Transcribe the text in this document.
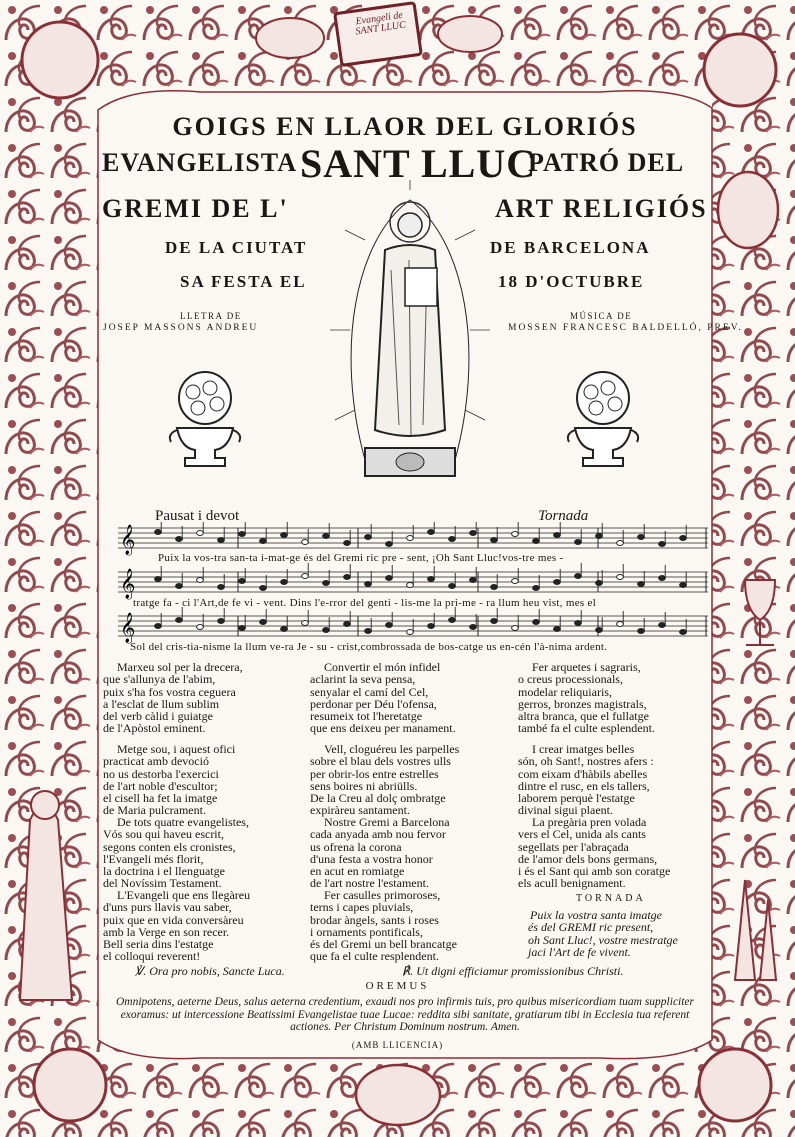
Evangeli de SANT LLUC
GOIGS EN LLAOR DEL GLORIÓS
EVANGELISTA SANT LLUC
PATRÓ DEL
GREMI DE L'	ART RELIGIÓS
DE LA CIUTAT	DE BARCELONA
SA FESTA EL	18 D'OCTUBRE
LLETRA DE
JOSEP MASSONS ANDREU
MÚSICA DE
MOSSEN FRANCESC BALDELLÓ, PREV.
Pausat i devot	Tornada
𝄞
𝄞
𝄞
Puix la vos-tra san-ta i-mat-ge és del Gremi ric pre - sent, ¡Oh Sant Lluc!vos-tre mes -
tratge fa - ci l'Art,de fe vi - vent. Dins l'e-rror del genti - lis-me la pri-me - ra llum heu vist, mes el
Sol del cris-tia-nisme la llum ve-ra Je - su - crist,combrossada de bos-catge us en-cén l'à-nima ardent.
Marxeu sol per la drecera,
que s'allunya de l'abim,
puix s'ha fos vostra ceguera
a l'esclat de llum sublim
del verb càlid i guiatge
de l'Apòstol eminent.
Metge sou, i aquest ofici
practicat amb devoció
no us destorba l'exercici
de l'art noble d'escultor;
el cisell ha fet la imatge
de Maria pulcrament.
De tots quatre evangelistes,
Vós sou qui haveu escrit,
segons conten els cronistes,
l'Evangeli més florit,
la doctrina i el llenguatge
del Novíssim Testament.
L'Evangeli que ens llegàreu
d'uns purs llavis vau saber,
puix que en vida conversàreu
amb la Verge en son recer.
Bell seria dins l'estatge
el colloqui reverent!
Convertir el món infidel
aclarint la seva pensa,
senyalar el camí del Cel,
perdonar per Déu l'ofensa,
resumeix tot l'heretatge
que ens deixeu per manament.
Vell, cloguéreu les parpelles
sobre el blau dels vostres ulls
per obrir-los entre estrelles
sens boires ni abriülls.
De la Creu al dolç ombratge
expiràreu santament.
Nostre Gremi a Barcelona
cada anyada amb nou fervor
us ofrena la corona
d'una festa a vostra honor
en acut en romiatge
de l'art nostre l'estament.
Fer casulles primoroses,
terns i capes pluvials,
brodar àngels, sants i roses
i ornaments pontificals,
és del Gremi un bell brancatge
que fa el culte resplendent.
Fer arquetes i sagraris,
o creus processionals,
modelar reliquiaris,
gerros, bronzes magistrals,
altra branca, que el fullatge
també fa el culte esplendent.
I crear imatges belles
són, oh Sant!, nostres afers :
com eixam d'hàbils abelles
dintre el rusc, en els tallers,
laborem perquè l'estatge
divinal sigui plaent.
La pregària pren volada
vers el Cel, unida als cants
segellats per l'abraçada
de l'amor dels bons germans,
i és el Sant qui amb son coratge
els acull benignament.
TORNADA
Puix la vostra santa imatge
és del GREMI ric present,
oh Sant Lluc!, vostre mestratge
jaci l'Art de fe vivent.
℣. Ora pro nobis, Sancte Luca.	℟. Ut digni efficiamur promissionibus Christi.
OREMUS
Omnipotens, aeterne Deus, salus aeterna credentium, exaudi nos pro infirmis tuis, pro quibus misericordiam tuam suppliciter exoramus: ut intercessione Beatissimi Evangelistae tuae Lucae: reddita sibi sanitate, gratiarum tibi in Ecclesia tua referent actiones. Per Christum Dominum nostrum. Amen.
(AMB LLICENCIA)
